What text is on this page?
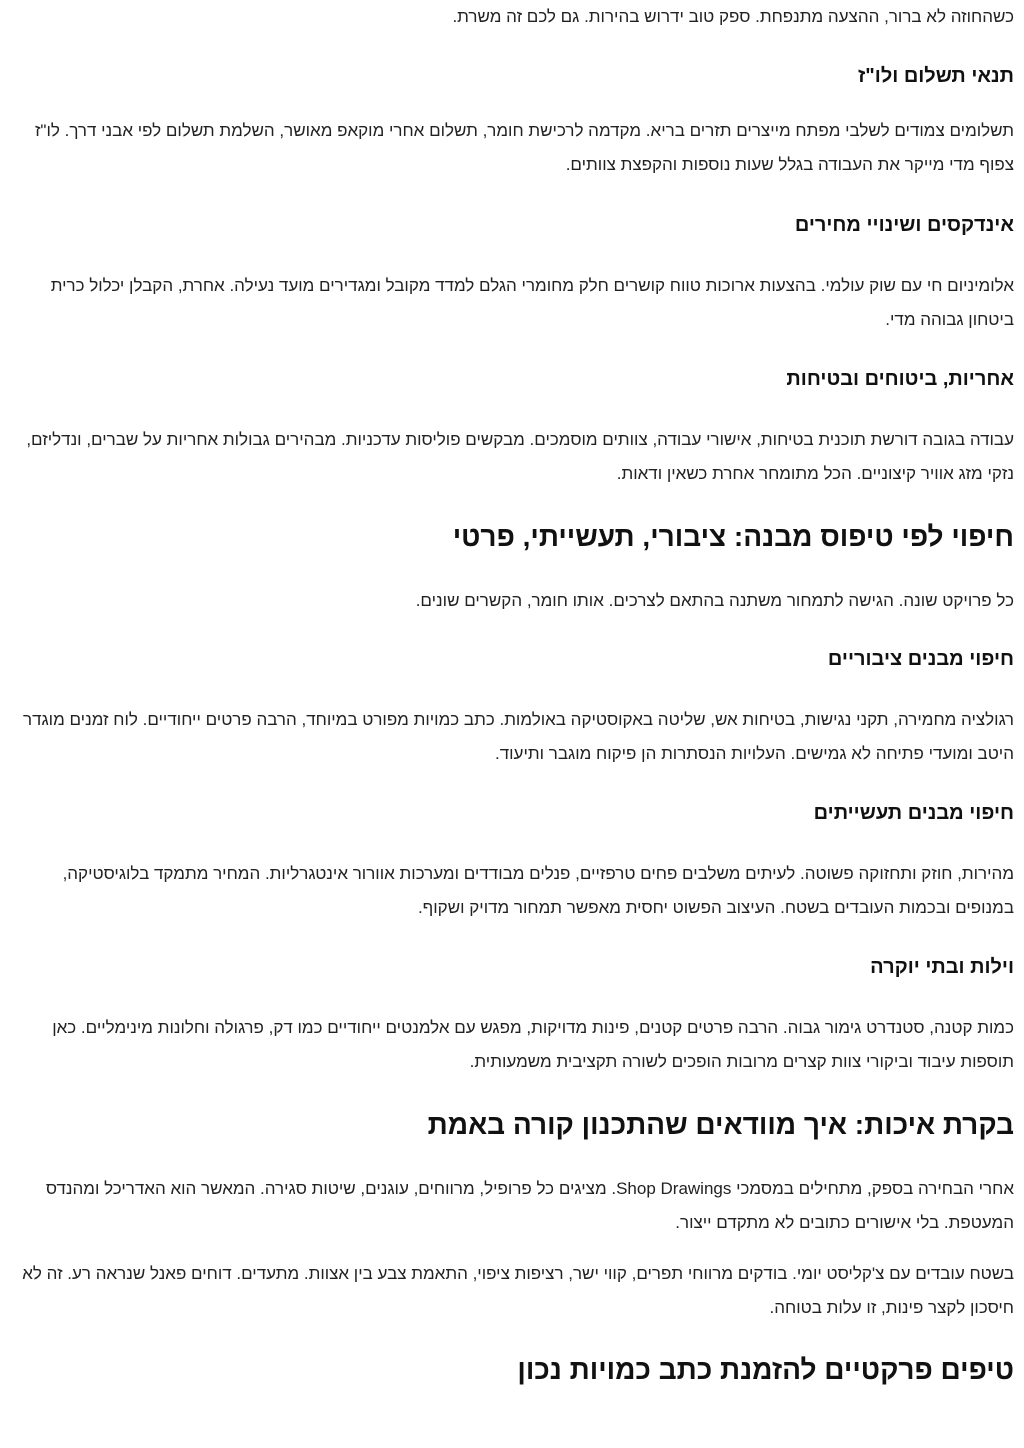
כשהחוזה לא ברור, ההצעה מתנפחת. ספק טוב ידרוש בהירות. גם לכם זה משרת.

תנאי תשלום ולו"ז

תשלומים צמודים לשלבי מפתח מייצרים תזרים בריא. מקדמה לרכישת חומר, תשלום אחרי מוקאפ מאושר, השלמת תשלום לפי אבני דרך. לו"ז צפוף מדי מייקר את העבודה בגלל שעות נוספות והקפצת צוותים.

אינדקסים ושינויי מחירים

אלומיניום חי עם שוק עולמי. בהצעות ארוכות טווח קושרים חלק מחומרי הגלם למדד מקובל ומגדירים מועד נעילה. אחרת, הקבלן יכלול כרית ביטחון גבוהה מדי.

אחריות, ביטוחים ובטיחות

עבודה בגובה דורשת תוכנית בטיחות, אישורי עבודה, צוותים מוסמכים. מבקשים פוליסות עדכניות. מבהירים גבולות אחריות על שברים, ונדליזם, נזקי מזג אוויר קיצוניים. הכל מתומחר אחרת כשאין ודאות.

חיפוי לפי טיפוס מבנה: ציבורי, תעשייתי, פרטי

כל פרויקט שונה. הגישה לתמחור משתנה בהתאם לצרכים. אותו חומר, הקשרים שונים.

חיפוי מבנים ציבוריים

רגולציה מחמירה, תקני נגישות, בטיחות אש, שליטה באקוסטיקה באולמות. כתב כמויות מפורט במיוחד, הרבה פרטים ייחודיים. לוח זמנים מוגדר היטב ומועדי פתיחה לא גמישים. העלויות הנסתרות הן פיקוח מוגבר ותיעוד.

חיפוי מבנים תעשייתים

מהירות, חוזק ותחזוקה פשוטה. לעיתים משלבים פחים טרפזיים, פנלים מבודדים ומערכות אוורור אינטגרליות. המחיר מתמקד בלוגיסטיקה, במנופים ובכמות העובדים בשטח. העיצוב הפשוט יחסית מאפשר תמחור מדויק ושקוף.

וילות ובתי יוקרה

כמות קטנה, סטנדרט גימור גבוה. הרבה פרטים קטנים, פינות מדויקות, מפגש עם אלמנטים ייחודיים כמו דק, פרגולה וחלונות מינימליים. כאן תוספות עיבוד וביקורי צוות קצרים מרובות הופכים לשורה תקציבית משמעותית.

בקרת איכות: איך מוודאים שהתכנון קורה באמת

אחרי הבחירה בספק, מתחילים במסמכי Shop Drawings. מציגים כל פרופיל, מרווחים, עוגנים, שיטות סגירה. המאשר הוא האדריכל ומהנדס המעטפת. בלי אישורים כתובים לא מתקדם ייצור.

בשטח עובדים עם צ'קליסט יומי. בודקים מרווחי תפרים, קווי ישר, רציפות ציפוי, התאמת צבע בין אצוות. מתעדים. דוחים פאנל שנראה רע. זה לא חיסכון לקצר פינות, זו עלות בטוחה.

טיפים פרקטיים להזמנת כתב כמויות נכון
